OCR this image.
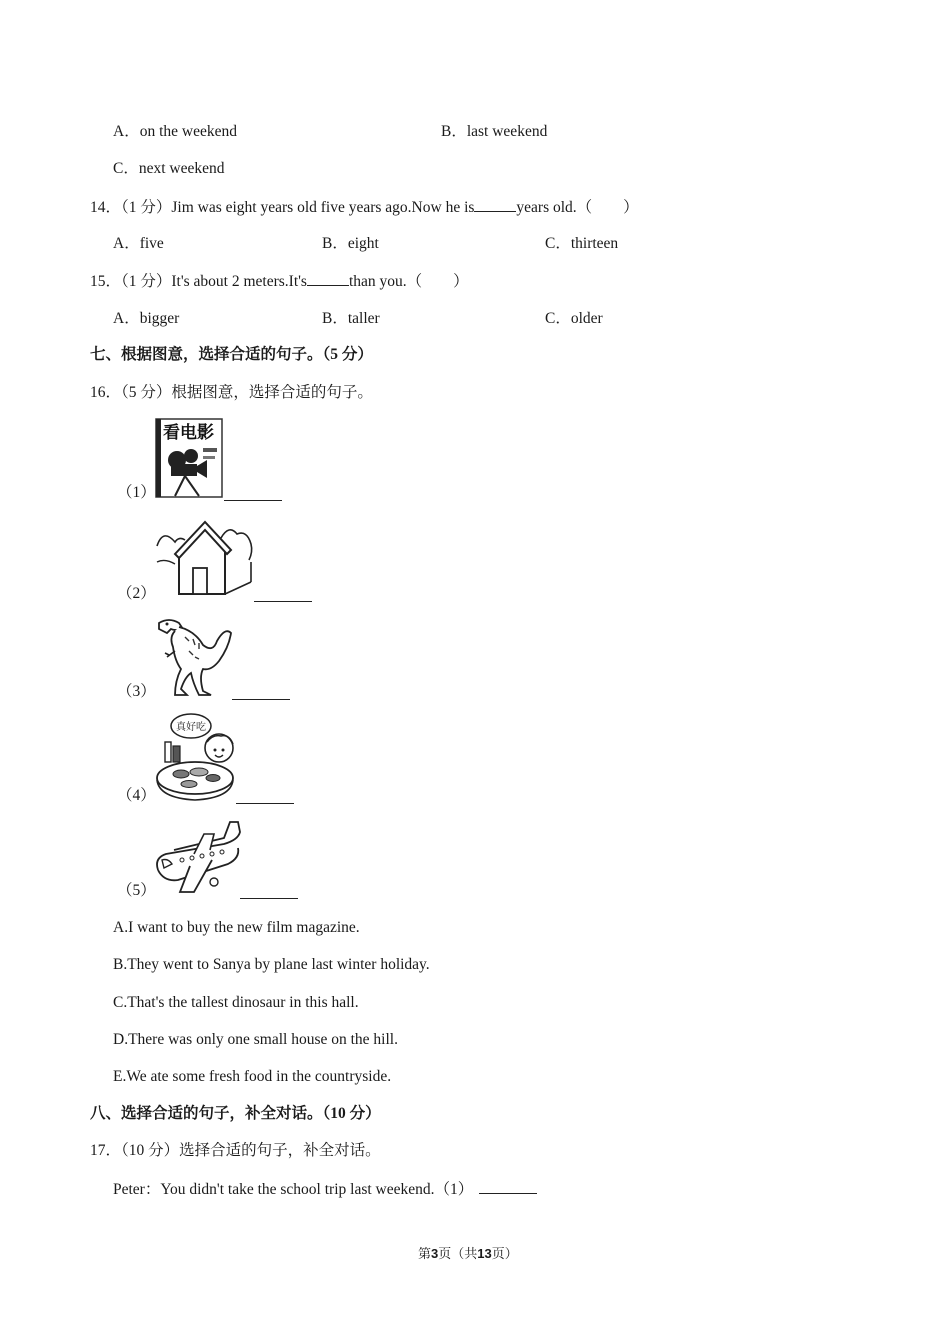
A．on the weekend	B．last weekend
C．next weekend
14．（1 分）Jim was eight years old five years ago.Now he is	years old.（　　）
A．five	B．eight	C．thirteen
15．（1 分）It's about 2 meters.It's	than you.（　　）
A．bigger	B．taller	C．older
七、根据图意，选择合适的句子。（5 分）
16．（5 分）根据图意，选择合适的句子。
（1）
看电影
（2）
（3）
（4）
真好吃
（5）
A.I want to buy the new film magazine.
B.They went to Sanya by plane last winter holiday.
C.That's the tallest dinosaur in this hall.
D.There was only one small house on the hill.
E.We ate some fresh food in the countryside.
八、选择合适的句子，补全对话。（10 分）
17．（10 分）选择合适的句子，补全对话。
Peter：You didn't take the school trip last weekend.（1）
第3页（共13页）
